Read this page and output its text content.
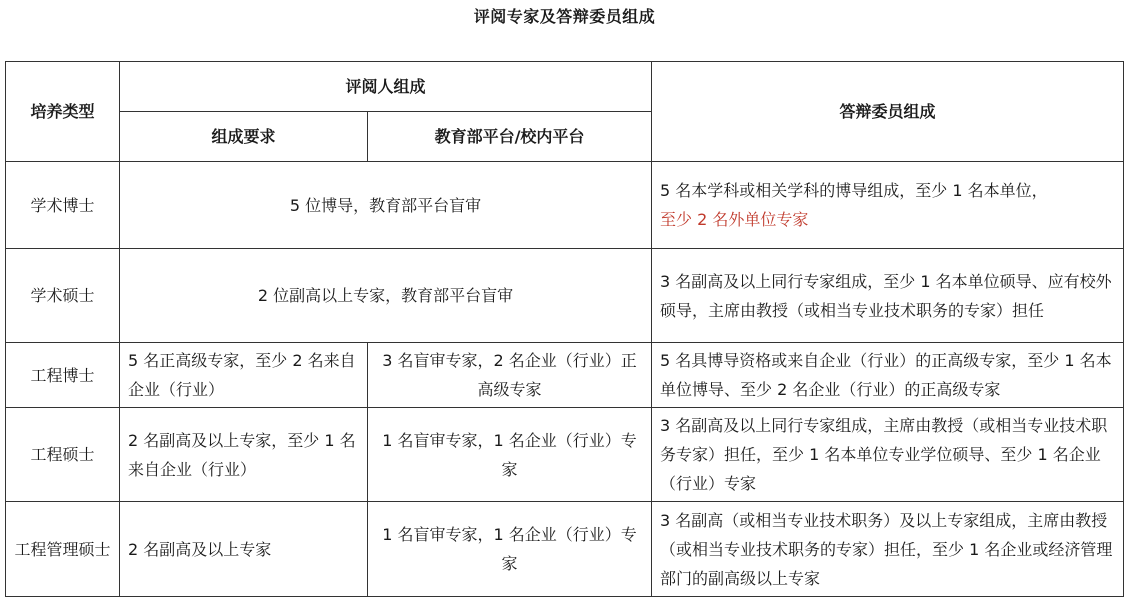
评阅专家及答辩委员组成
培养类型	评阅人组成		答辩委员组成
	组成要求	教育部平台/校内平台	
学术博士	5 位博导，教育部平台盲审		5 名本学科或相关学科的博导组成，至少 1 名本单位，
至少 2 名外单位专家

学术硕士	2 位副高以上专家，教育部平台盲审		3 名副高及以上同行专家组成，至少 1 名本单位硕导、应有校外硕导，主席由教授（或相当专业技术职务的专家）担任
工程博士	5 名正高级专家，至少 2 名来自企业（行业）	3 名盲审专家，2 名企业（行业）正高级专家	5 名具博导资格或来自企业（行业）的正高级专家，至少 1 名本单位博导、至少 2 名企业（行业）的正高级专家
工程硕士	2 名副高及以上专家，至少 1 名来自企业（行业）	1 名盲审专家，1 名企业（行业）专家	3 名副高及以上同行专家组成，主席由教授（或相当专业技术职务专家）担任，至少 1 名本单位专业学位硕导、至少 1 名企业（行业）专家
工程管理硕士	2 名副高及以上专家	1 名盲审专家，1 名企业（行业）专家	3 名副高（或相当专业技术职务）及以上专家组成，主席由教授（或相当专业技术职务的专家）担任，至少 1 名企业或经济管理部门的副高级以上专家
